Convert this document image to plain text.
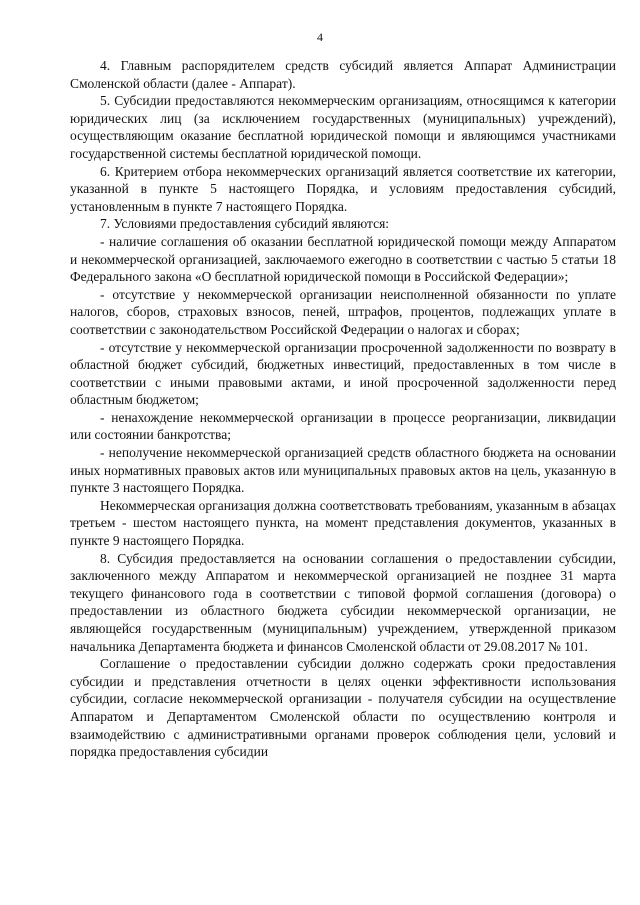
4

4. Главным распорядителем средств субсидий является Аппарат Администрации Смоленской области (далее - Аппарат).

5. Субсидии предоставляются некоммерческим организациям, относящимся к категории юридических лиц (за исключением государственных (муниципальных) учреждений), осуществляющим оказание бесплатной юридической помощи и являющимся участниками государственной системы бесплатной юридической помощи.

6. Критерием отбора некоммерческих организаций является соответствие их категории, указанной в пункте 5 настоящего Порядка, и условиям предоставления субсидий, установленным в пункте 7 настоящего Порядка.

7. Условиями предоставления субсидий являются:

- наличие соглашения об оказании бесплатной юридической помощи между Аппаратом и некоммерческой организацией, заключаемого ежегодно в соответствии с частью 5 статьи 18 Федерального закона «О бесплатной юридической помощи в Российской Федерации»;

- отсутствие у некоммерческой организации неисполненной обязанности по уплате налогов, сборов, страховых взносов, пеней, штрафов, процентов, подлежащих уплате в соответствии с законодательством Российской Федерации о налогах и сборах;

- отсутствие у некоммерческой организации просроченной задолженности по возврату в областной бюджет субсидий, бюджетных инвестиций, предоставленных в том числе в соответствии с иными правовыми актами, и иной просроченной задолженности перед областным бюджетом;

- ненахождение некоммерческой организации в процессе реорганизации, ликвидации или состоянии банкротства;

- неполучение некоммерческой организацией средств областного бюджета на основании иных нормативных правовых актов или муниципальных правовых актов на цель, указанную в пункте 3 настоящего Порядка.

Некоммерческая организация должна соответствовать требованиям, указанным в абзацах третьем - шестом настоящего пункта, на момент представления документов, указанных в пункте 9 настоящего Порядка.

8. Субсидия предоставляется на основании соглашения о предоставлении субсидии, заключенного между Аппаратом и некоммерческой организацией не позднее 31 марта текущего финансового года в соответствии с типовой формой соглашения (договора) о предоставлении из областного бюджета субсидии некоммерческой организации, не являющейся государственным (муниципальным) учреждением, утвержденной приказом начальника Департамента бюджета и финансов Смоленской области от 29.08.2017 № 101.

Соглашение о предоставлении субсидии должно содержать сроки предоставления субсидии и представления отчетности в целях оценки эффективности использования субсидии, согласие некоммерческой организации - получателя субсидии на осуществление Аппаратом и Департаментом Смоленской области по осуществлению контроля и взаимодействию с административными органами проверок соблюдения цели, условий и порядка предоставления субсидии
